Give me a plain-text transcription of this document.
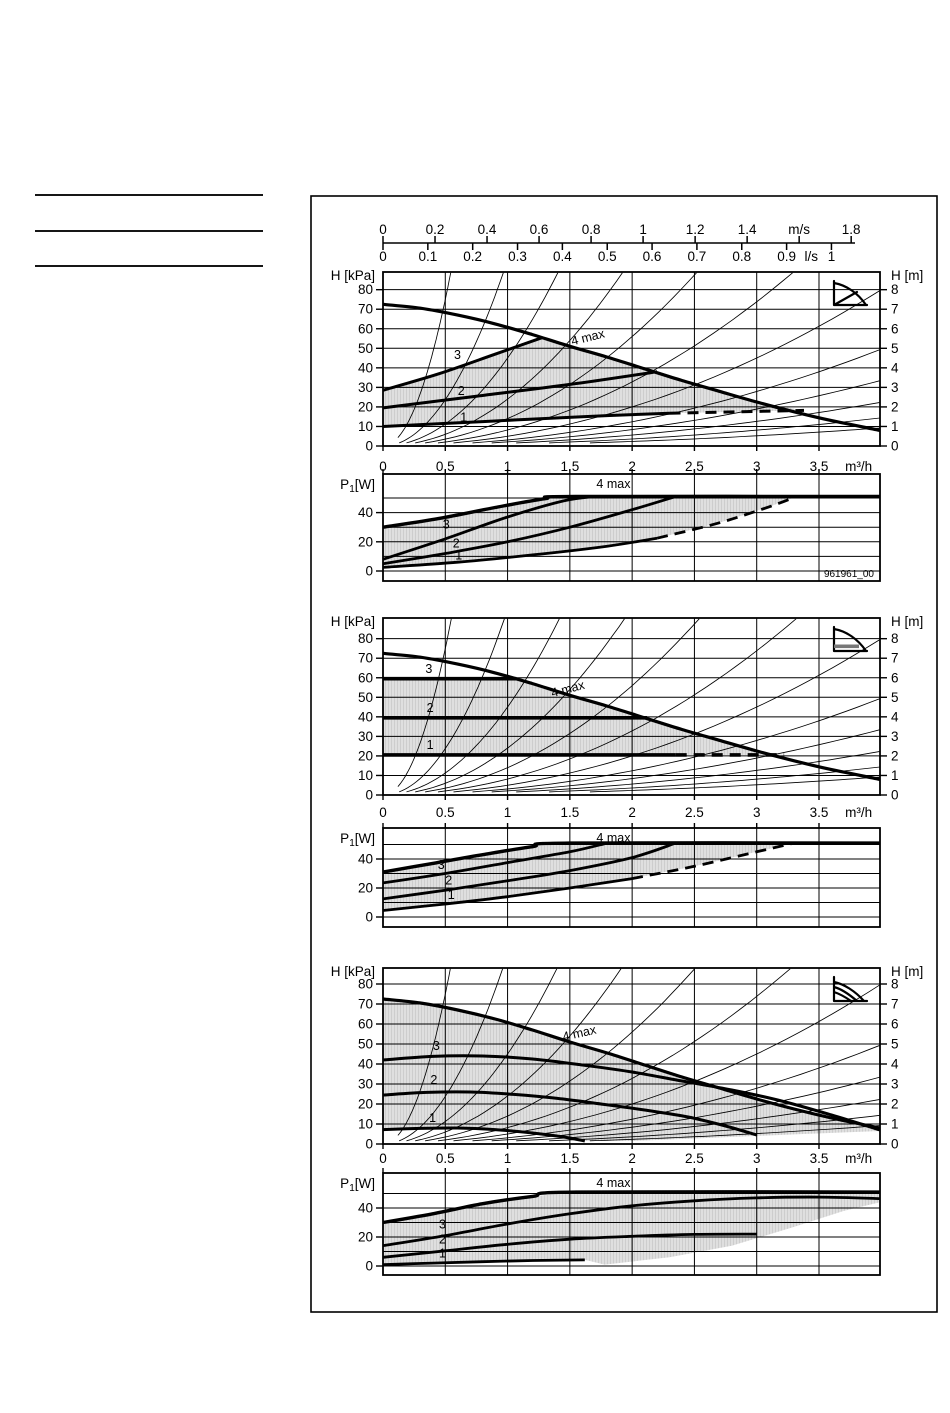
0	0.2 0.4 0.6 0.8	1	1.2 1.4 m/s 1.8
0 0.1 0.2 0.3 0.4 0.5 0.6 0.7 0.8 0.9 1
l/s
4 max
3
2
1
0
10
20
30
40
50
60
70
80
0
1
2
3
4
5
6
7
8
H [kPa]	H [m]
0	0.5	1	1.5	2	2.5	3	3.5 m³/h
3
2
1
4 max
0
20
40
$P_1[W]$
961961_00
4 max
3
2
1
0
10
20
30
40
50
60
70
80
0
1
2
3
4
5
6
7
8
H [kPa]	H [m]
0	0.5	1	1.5	2	2.5	3	3.5 m³/h
3
2
1
4 max
0
20
40
$P_1[W]$
4 max
3
2
1
0
10
20
30
40
50
60
70
80
0
1
2
3
4
5
6
7
8
H [kPa]	H [m]
0	0.5	1	1.5	2	2.5	3	3.5 m³/h
3
2
1
4 max
0
20
40
$P_1[W]$
